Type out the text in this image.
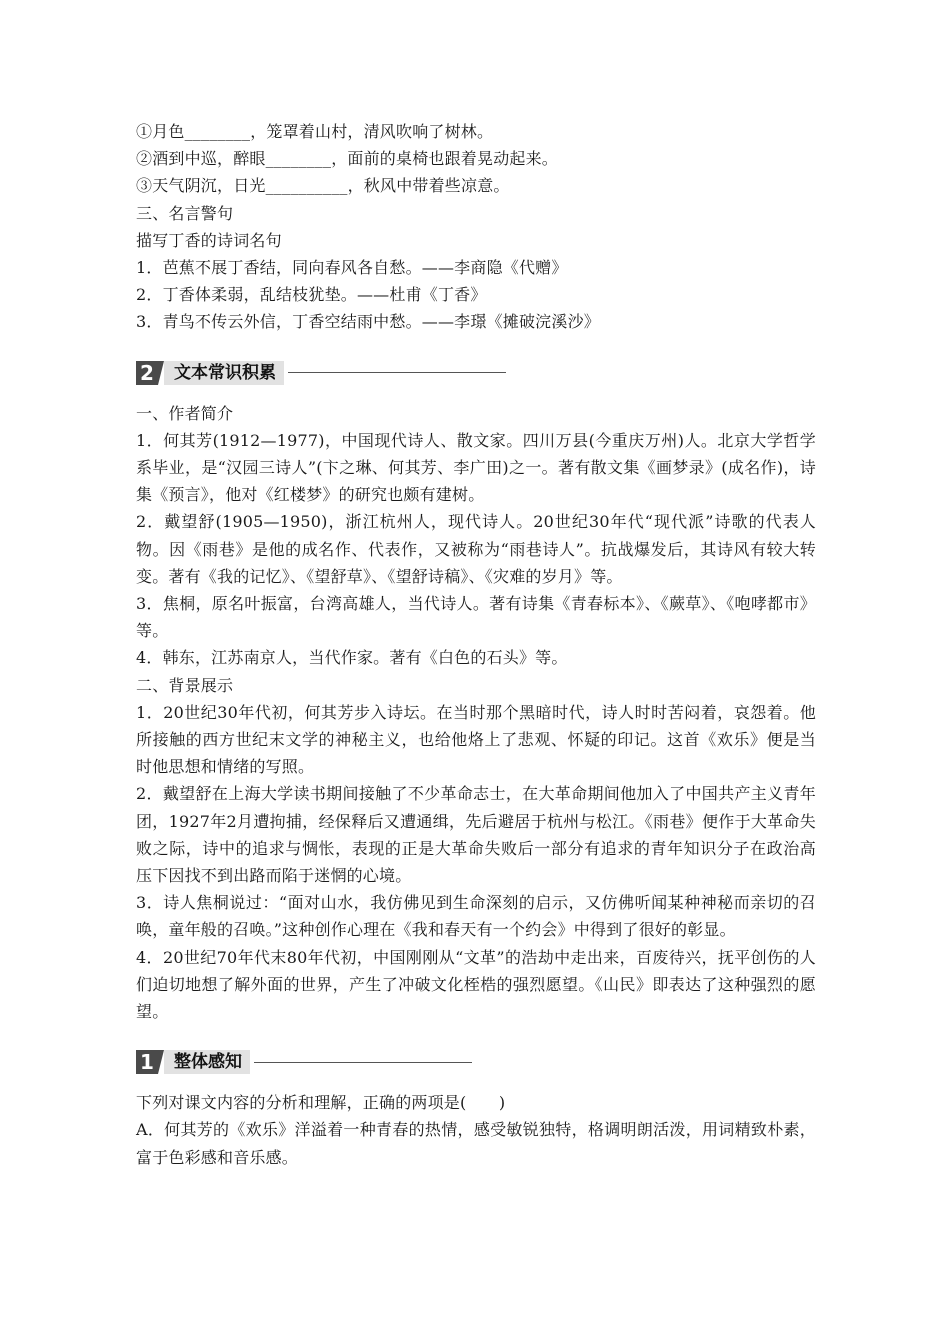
①月色________，笼罩着山村，清风吹响了树林。
②酒到中巡，醉眼________，面前的桌椅也跟着晃动起来。
③天气阴沉，日光__________，秋风中带着些凉意。
三、名言警句
描写丁香的诗词名句
1．芭蕉不展丁香结，同向春风各自愁。——李商隐《代赠》
2．丁香体柔弱，乱结枝犹垫。——杜甫《丁香》
3．青鸟不传云外信，丁香空结雨中愁。——李璟《摊破浣溪沙》
2	文本常识积累
一、作者简介

1．何其芳(1912—1977)，中国现代诗人、散文家。四川万县(今重庆万州)人。北京大学哲学系毕业，是“汉园三诗人”(卞之琳、何其芳、李广田)之一。著有散文集《画梦录》(成名作)，诗集《预言》，他对《红楼梦》的研究也颇有建树。

2．戴望舒(1905—1950)，浙江杭州人，现代诗人。20世纪30年代“现代派”诗歌的代表人物。因《雨巷》是他的成名作、代表作，又被称为“雨巷诗人”。抗战爆发后，其诗风有较大转变。著有《我的记忆》、《望舒草》、《望舒诗稿》、《灾难的岁月》等。

3．焦桐，原名叶振富，台湾高雄人，当代诗人。著有诗集《青春标本》、《蕨草》、《咆哮都市》等。

4．韩东，江苏南京人，当代作家。著有《白色的石头》等。

二、背景展示

1．20世纪30年代初，何其芳步入诗坛。在当时那个黑暗时代，诗人时时苦闷着，哀怨着。他所接触的西方世纪末文学的神秘主义，也给他烙上了悲观、怀疑的印记。这首《欢乐》便是当时他思想和情绪的写照。

2．戴望舒在上海大学读书期间接触了不少革命志士，在大革命期间他加入了中国共产主义青年团，1927年2月遭拘捕，经保释后又遭通缉，先后避居于杭州与松江。《雨巷》便作于大革命失败之际，诗中的追求与惆怅，表现的正是大革命失败后一部分有追求的青年知识分子在政治高压下因找不到出路而陷于迷惘的心境。

3．诗人焦桐说过：“面对山水，我仿佛见到生命深刻的启示，又仿佛听闻某种神秘而亲切的召唤，童年般的召唤。”这种创作心理在《我和春天有一个约会》中得到了很好的彰显。

4．20世纪70年代末80年代初，中国刚刚从“文革”的浩劫中走出来，百废待兴，抚平创伤的人们迫切地想了解外面的世界，产生了冲破文化桎梏的强烈愿望。《山民》即表达了这种强烈的愿望。

1	整体感知
下列对课文内容的分析和理解，正确的两项是(　　)

A．何其芳的《欢乐》洋溢着一种青春的热情，感受敏锐独特，格调明朗活泼，用词精致朴素，富于色彩感和音乐感。
